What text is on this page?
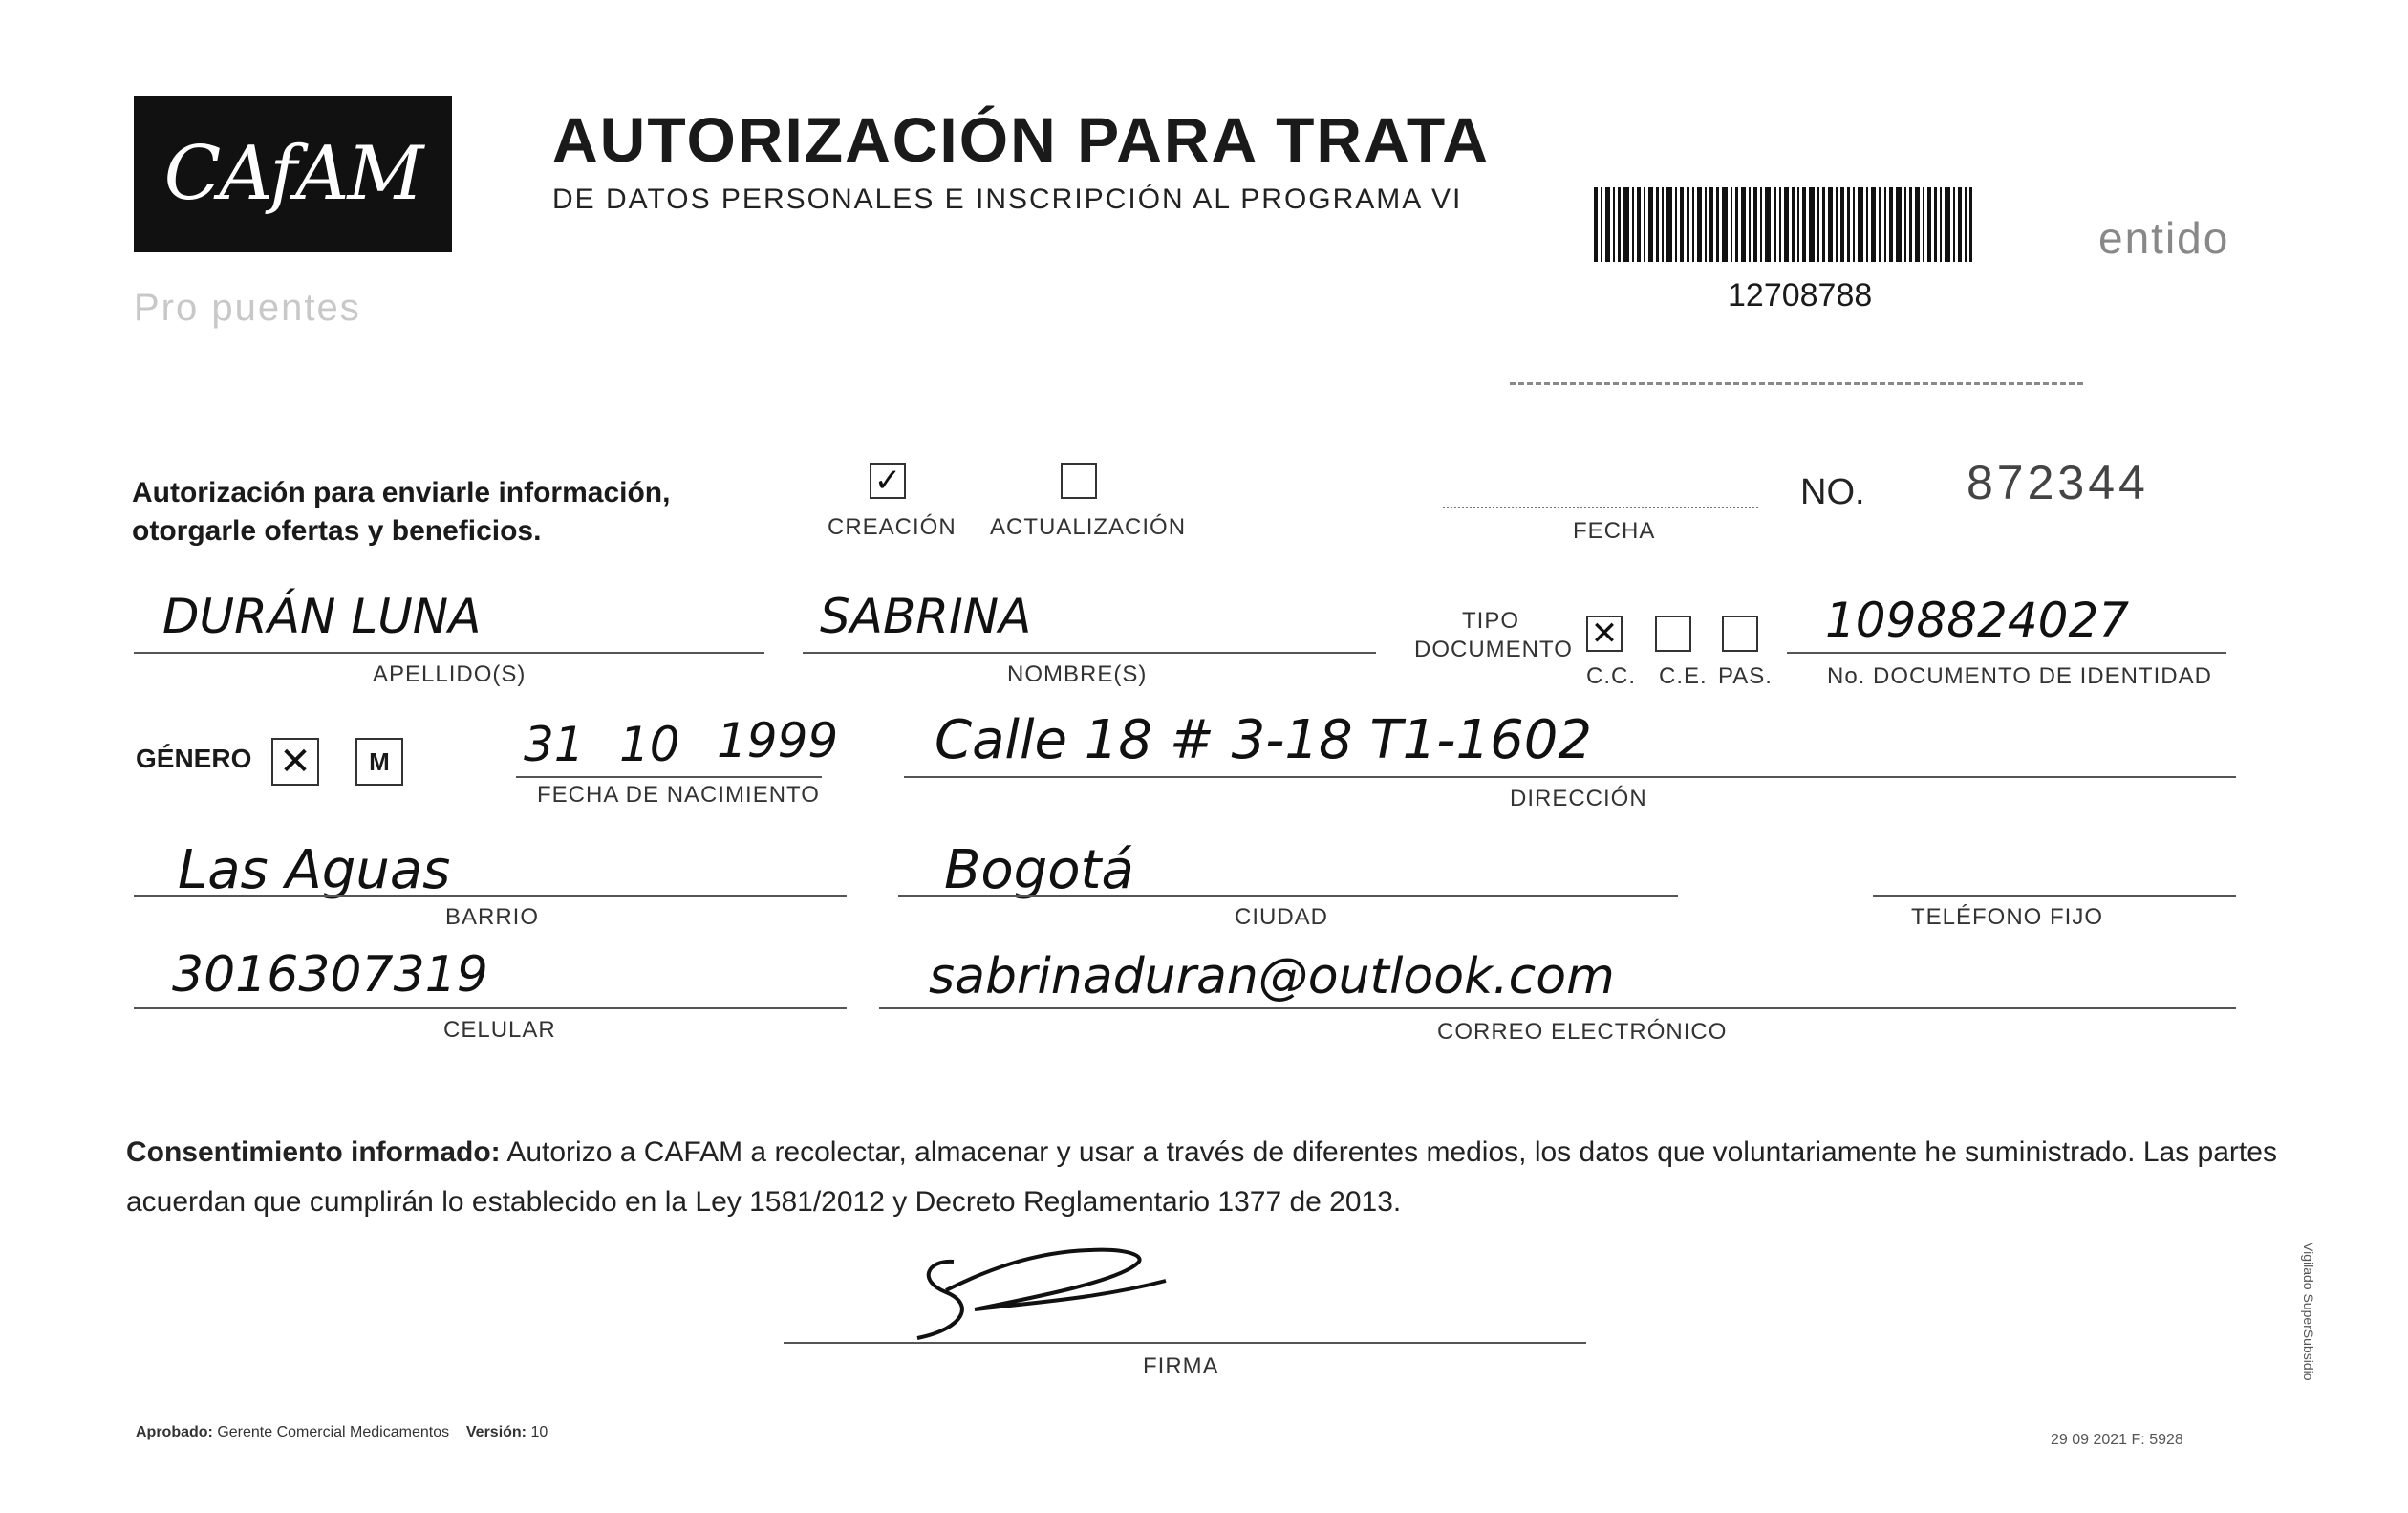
CAfAM
Pro puentes
AUTORIZACIÓN PARA TRATA
DE DATOS PERSONALES E INSCRIPCIÓN AL PROGRAMA VI
12708788
entido
Autorización para enviarle información,
otorgarle ofertas y beneficios.
✓
CREACIÓN ACTUALIZACIÓN	FECHA
NO. 872344
DURÁN LUNA
APELLIDO(S)
SABRINA
NOMBRE(S)
TIPO
DOCUMENTO ✕
C.C. C.E. PAS.
1098824027
No. DOCUMENTO DE IDENTIDAD
GÉNERO ✕ M	31 10 1999
FECHA DE NACIMIENTO
Calle 18 # 3-18 T1-1602
DIRECCIÓN
Las Aguas
BARRIO
Bogotá
CIUDAD	TELÉFONO FIJO
3016307319
CELULAR
sabrinaduran@outlook.com
CORREO ELECTRÓNICO
Consentimiento informado: Autorizo a CAFAM a recolectar, almacenar y usar a través de diferentes medios, los datos que voluntariamente he suministrado. Las partes acuerdan que cumplirán lo establecido en la Ley 1581/2012 y Decreto Reglamentario 1377 de 2013.
FIRMA
Aprobado: Gerente Comercial Medicamentos Versión: 10	29 09 2021 F: 5928
Vigilado SuperSubsidio
